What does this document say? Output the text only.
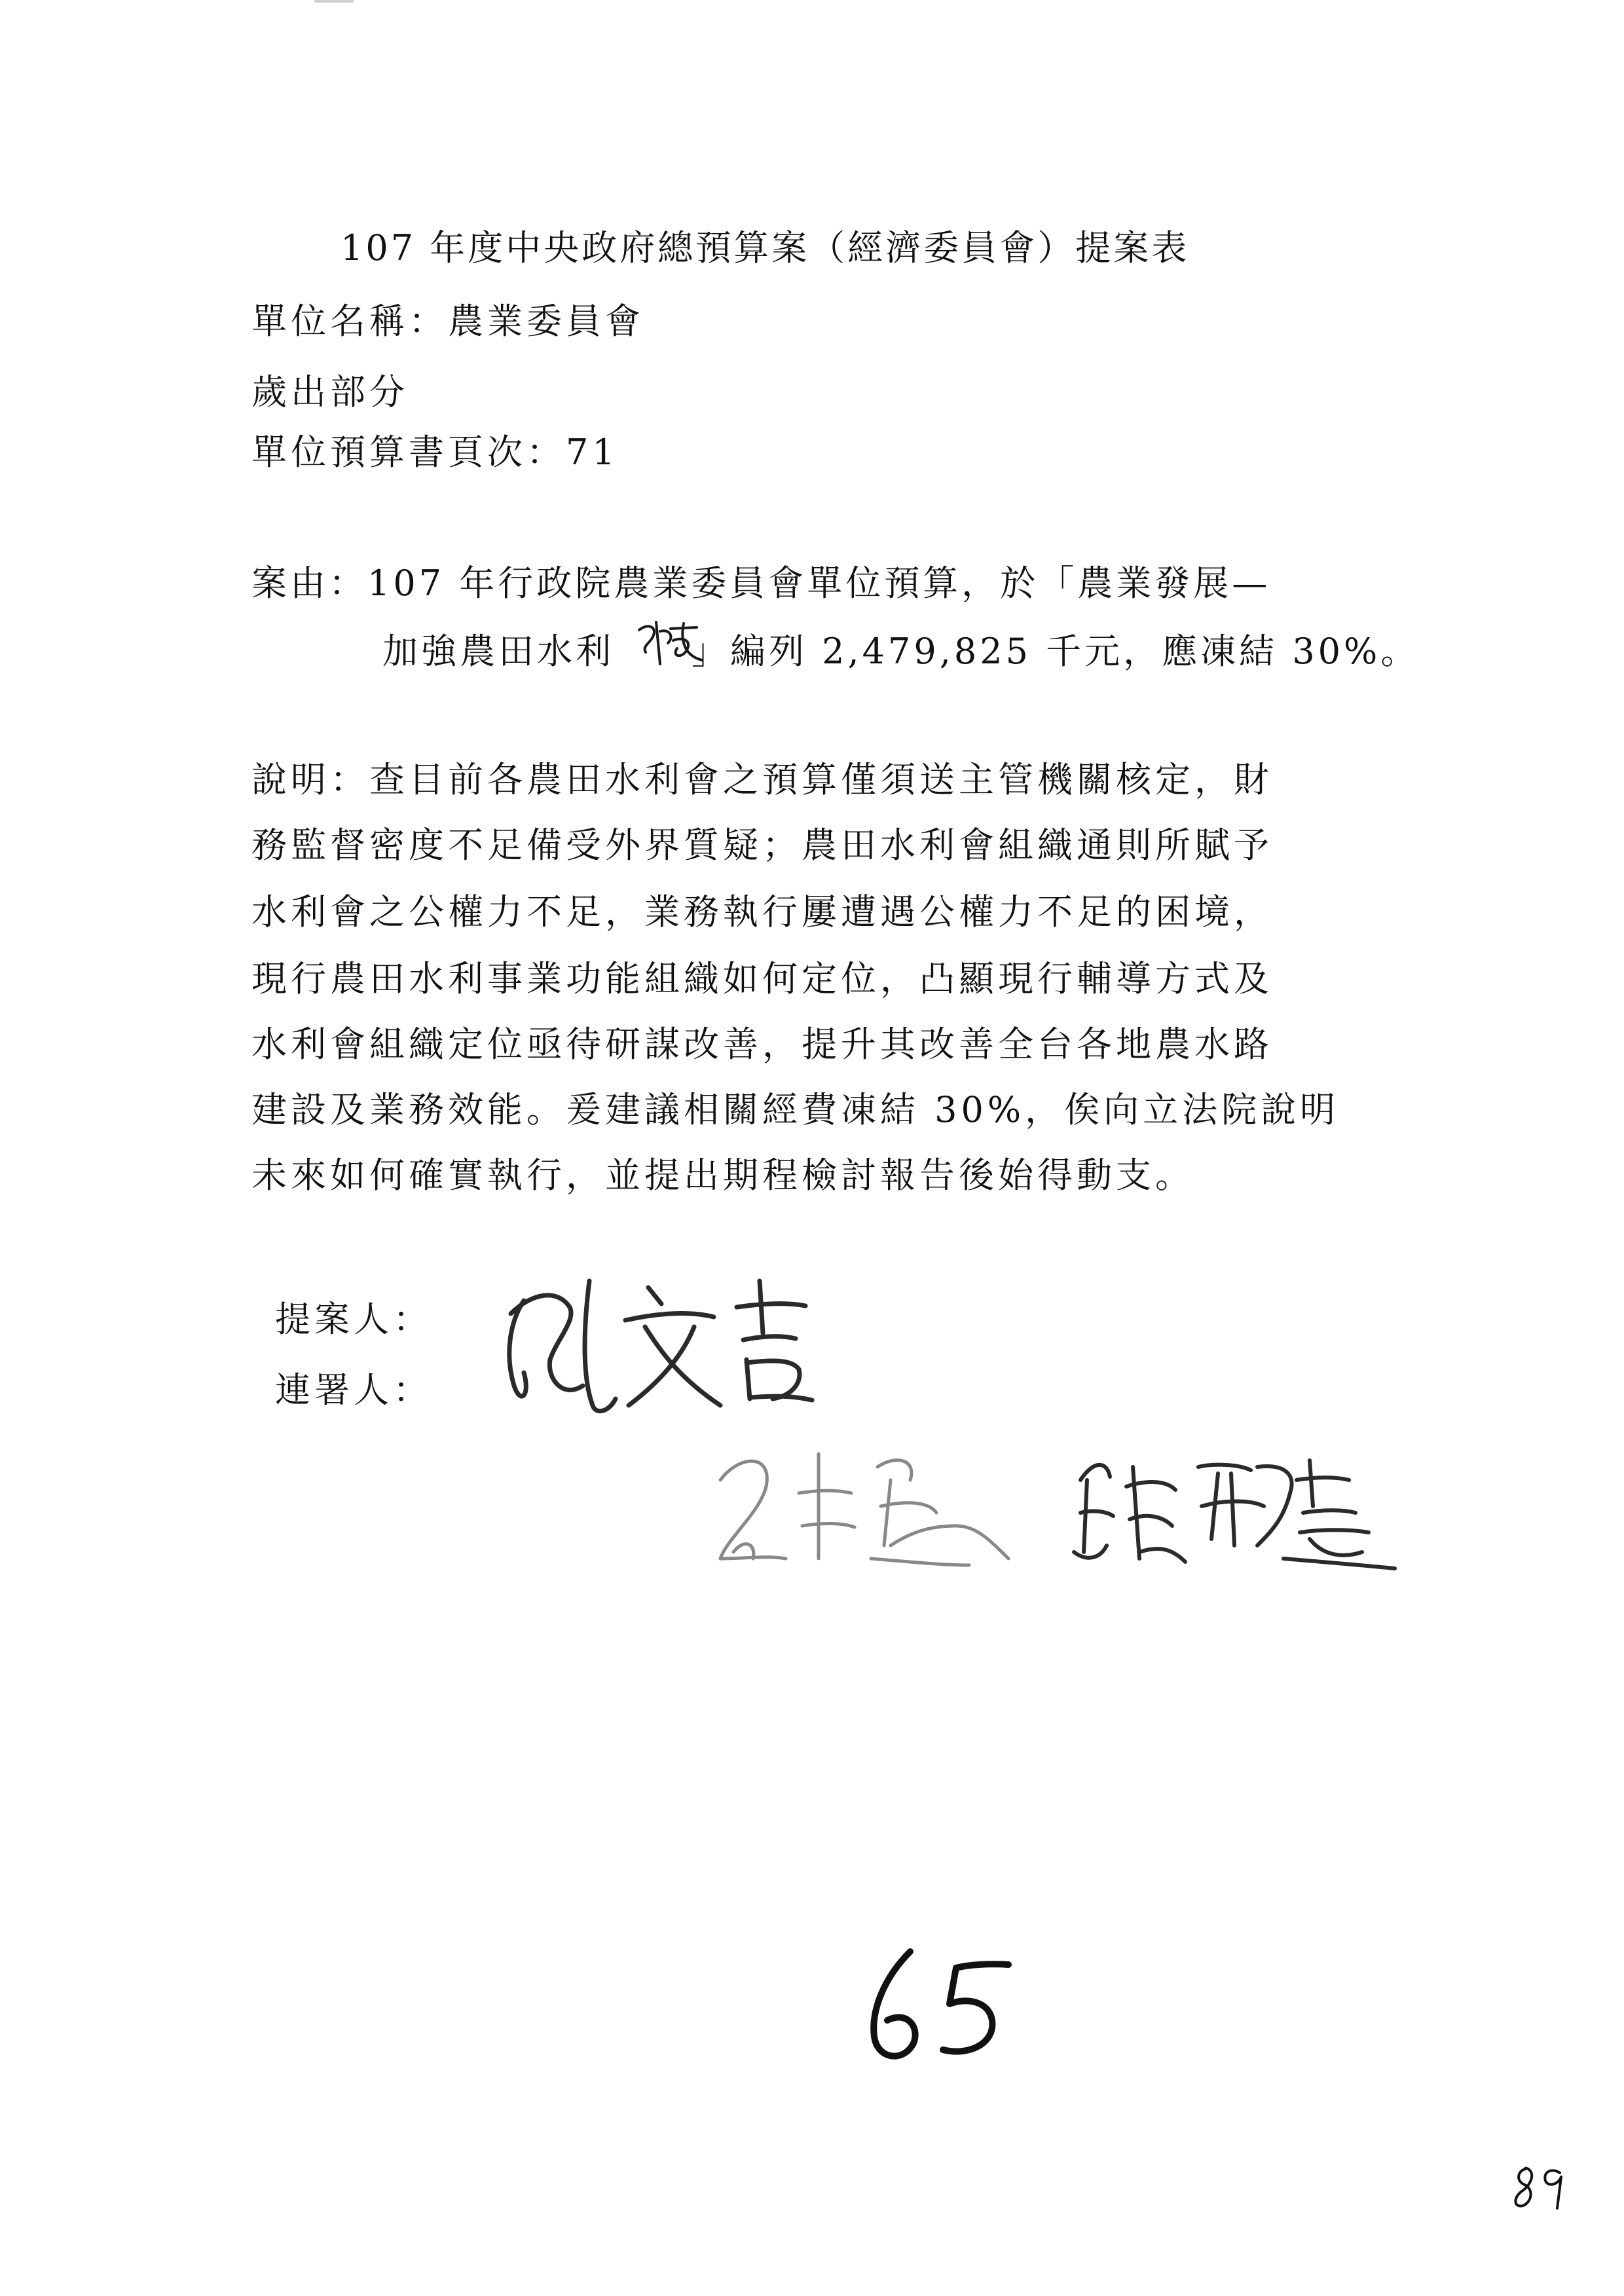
107 年度中央政府總預算案（經濟委員會）提案表
單位名稱：農業委員會
歲出部分
單位預算書頁次：71
案由：107 年行政院農業委員會單位預算，於「農業發展—
加強農田水利 」編列 2,479,825 千元，應凍結 30%。
說明：查目前各農田水利會之預算僅須送主管機關核定，財
務監督密度不足備受外界質疑；農田水利會組織通則所賦予
水利會之公權力不足，業務執行屢遭遇公權力不足的困境，
現行農田水利事業功能組織如何定位，凸顯現行輔導方式及
水利會組織定位亟待研謀改善，提升其改善全台各地農水路
建設及業務效能。爰建議相關經費凍結 30%，俟向立法院說明
未來如何確實執行，並提出期程檢討報告後始得動支。
提案人：
連署人：
